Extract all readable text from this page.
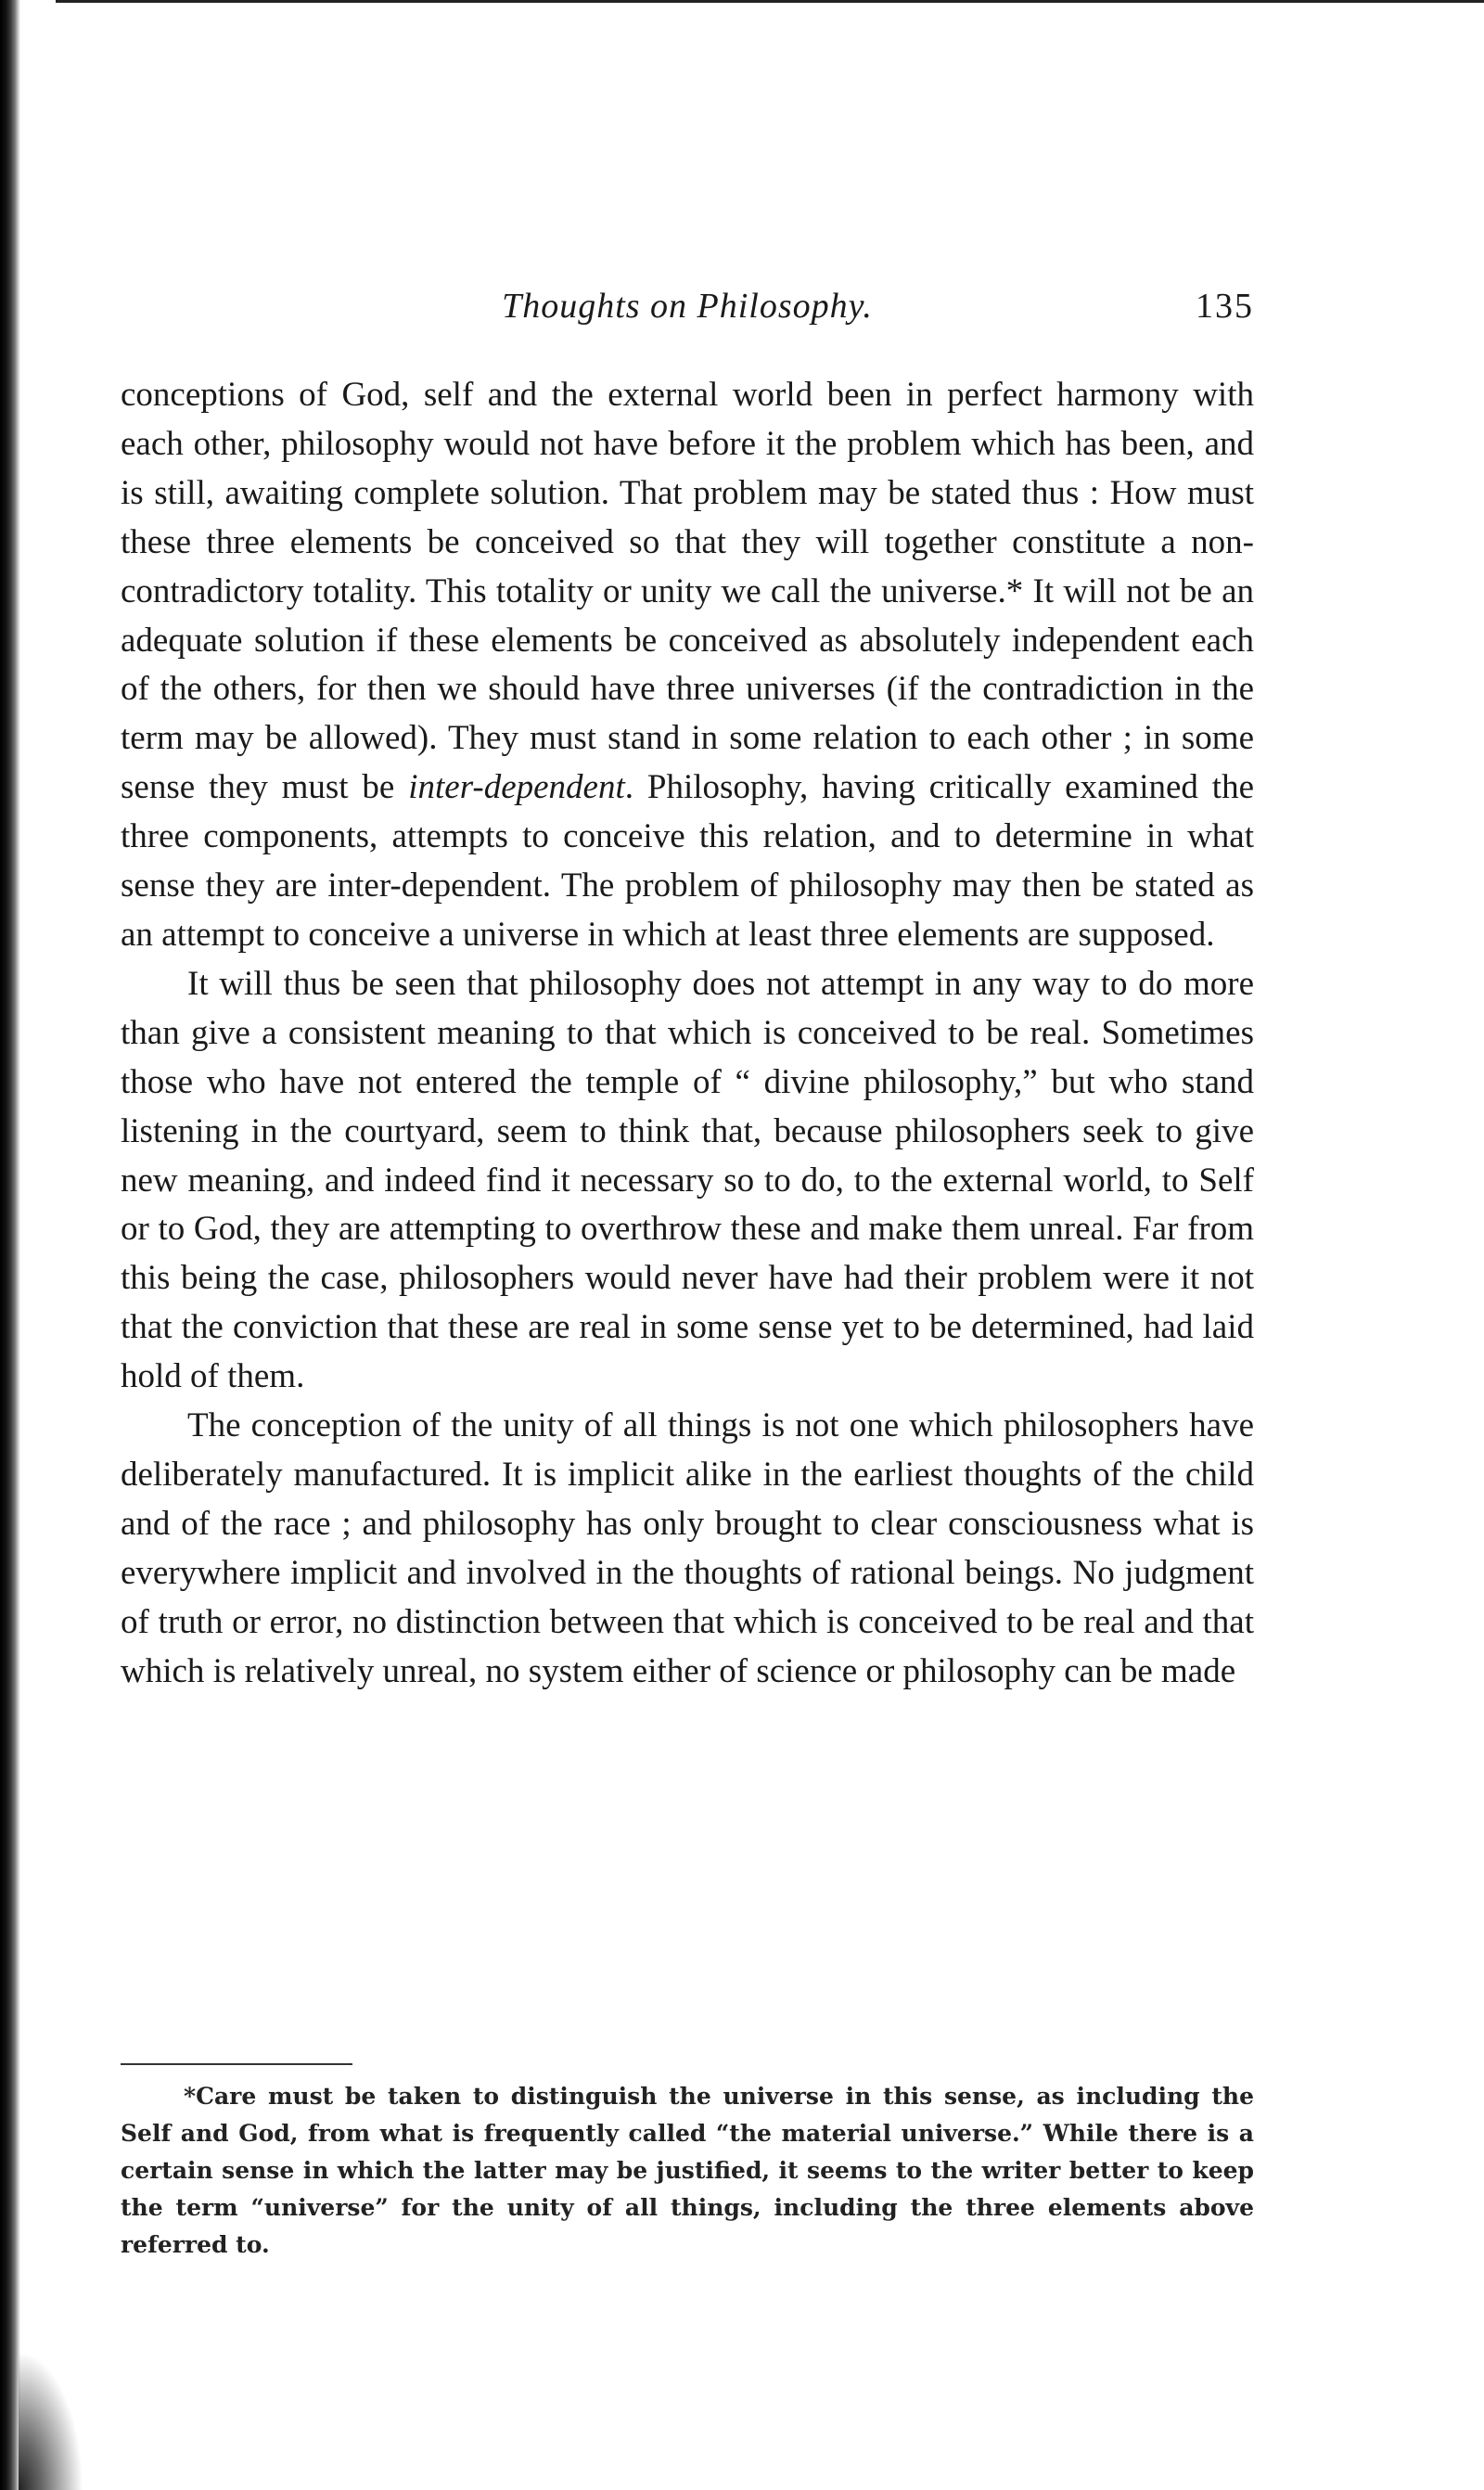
Thoughts on Philosophy.	135

conceptions of God, self and the external world been in perfect harmony with each other, philosophy would not have before it the problem which has been, and is still, awaiting complete solution. That problem may be stated thus : How must these three elements be conceived so that they will together constitute a non-contradictory totality. This totality or unity we call the universe.* It will not be an adequate solution if these elements be conceived as absolutely independent each of the others, for then we should have three universes (if the contradiction in the term may be allowed). They must stand in some relation to each other ; in some sense they must be inter-dependent. Philosophy, having critically examined the three components, attempts to conceive this relation, and to determine in what sense they are inter-dependent. The problem of philosophy may then be stated as an attempt to conceive a universe in which at least three elements are supposed.

It will thus be seen that philosophy does not attempt in any way to do more than give a consistent meaning to that which is conceived to be real. Sometimes those who have not entered the temple of “ divine philosophy,” but who stand listening in the courtyard, seem to think that, because philosophers seek to give new meaning, and indeed find it necessary so to do, to the external world, to Self or to God, they are attempting to overthrow these and make them unreal. Far from this being the case, philosophers would never have had their problem were it not that the conviction that these are real in some sense yet to be determined, had laid hold of them.

The conception of the unity of all things is not one which philosophers have deliberately manufactured. It is implicit alike in the earliest thoughts of the child and of the race ; and philosophy has only brought to clear consciousness what is everywhere implicit and involved in the thoughts of rational beings. No judgment of truth or error, no distinction between that which is conceived to be real and that which is relatively unreal, no system either of science or philosophy can be made

*Care must be taken to distinguish the universe in this sense, as including the Self and God, from what is frequently called “the material universe.” While there is a certain sense in which the latter may be justified, it seems to the writer better to keep the term “universe” for the unity of all things, including the three elements above referred to.
